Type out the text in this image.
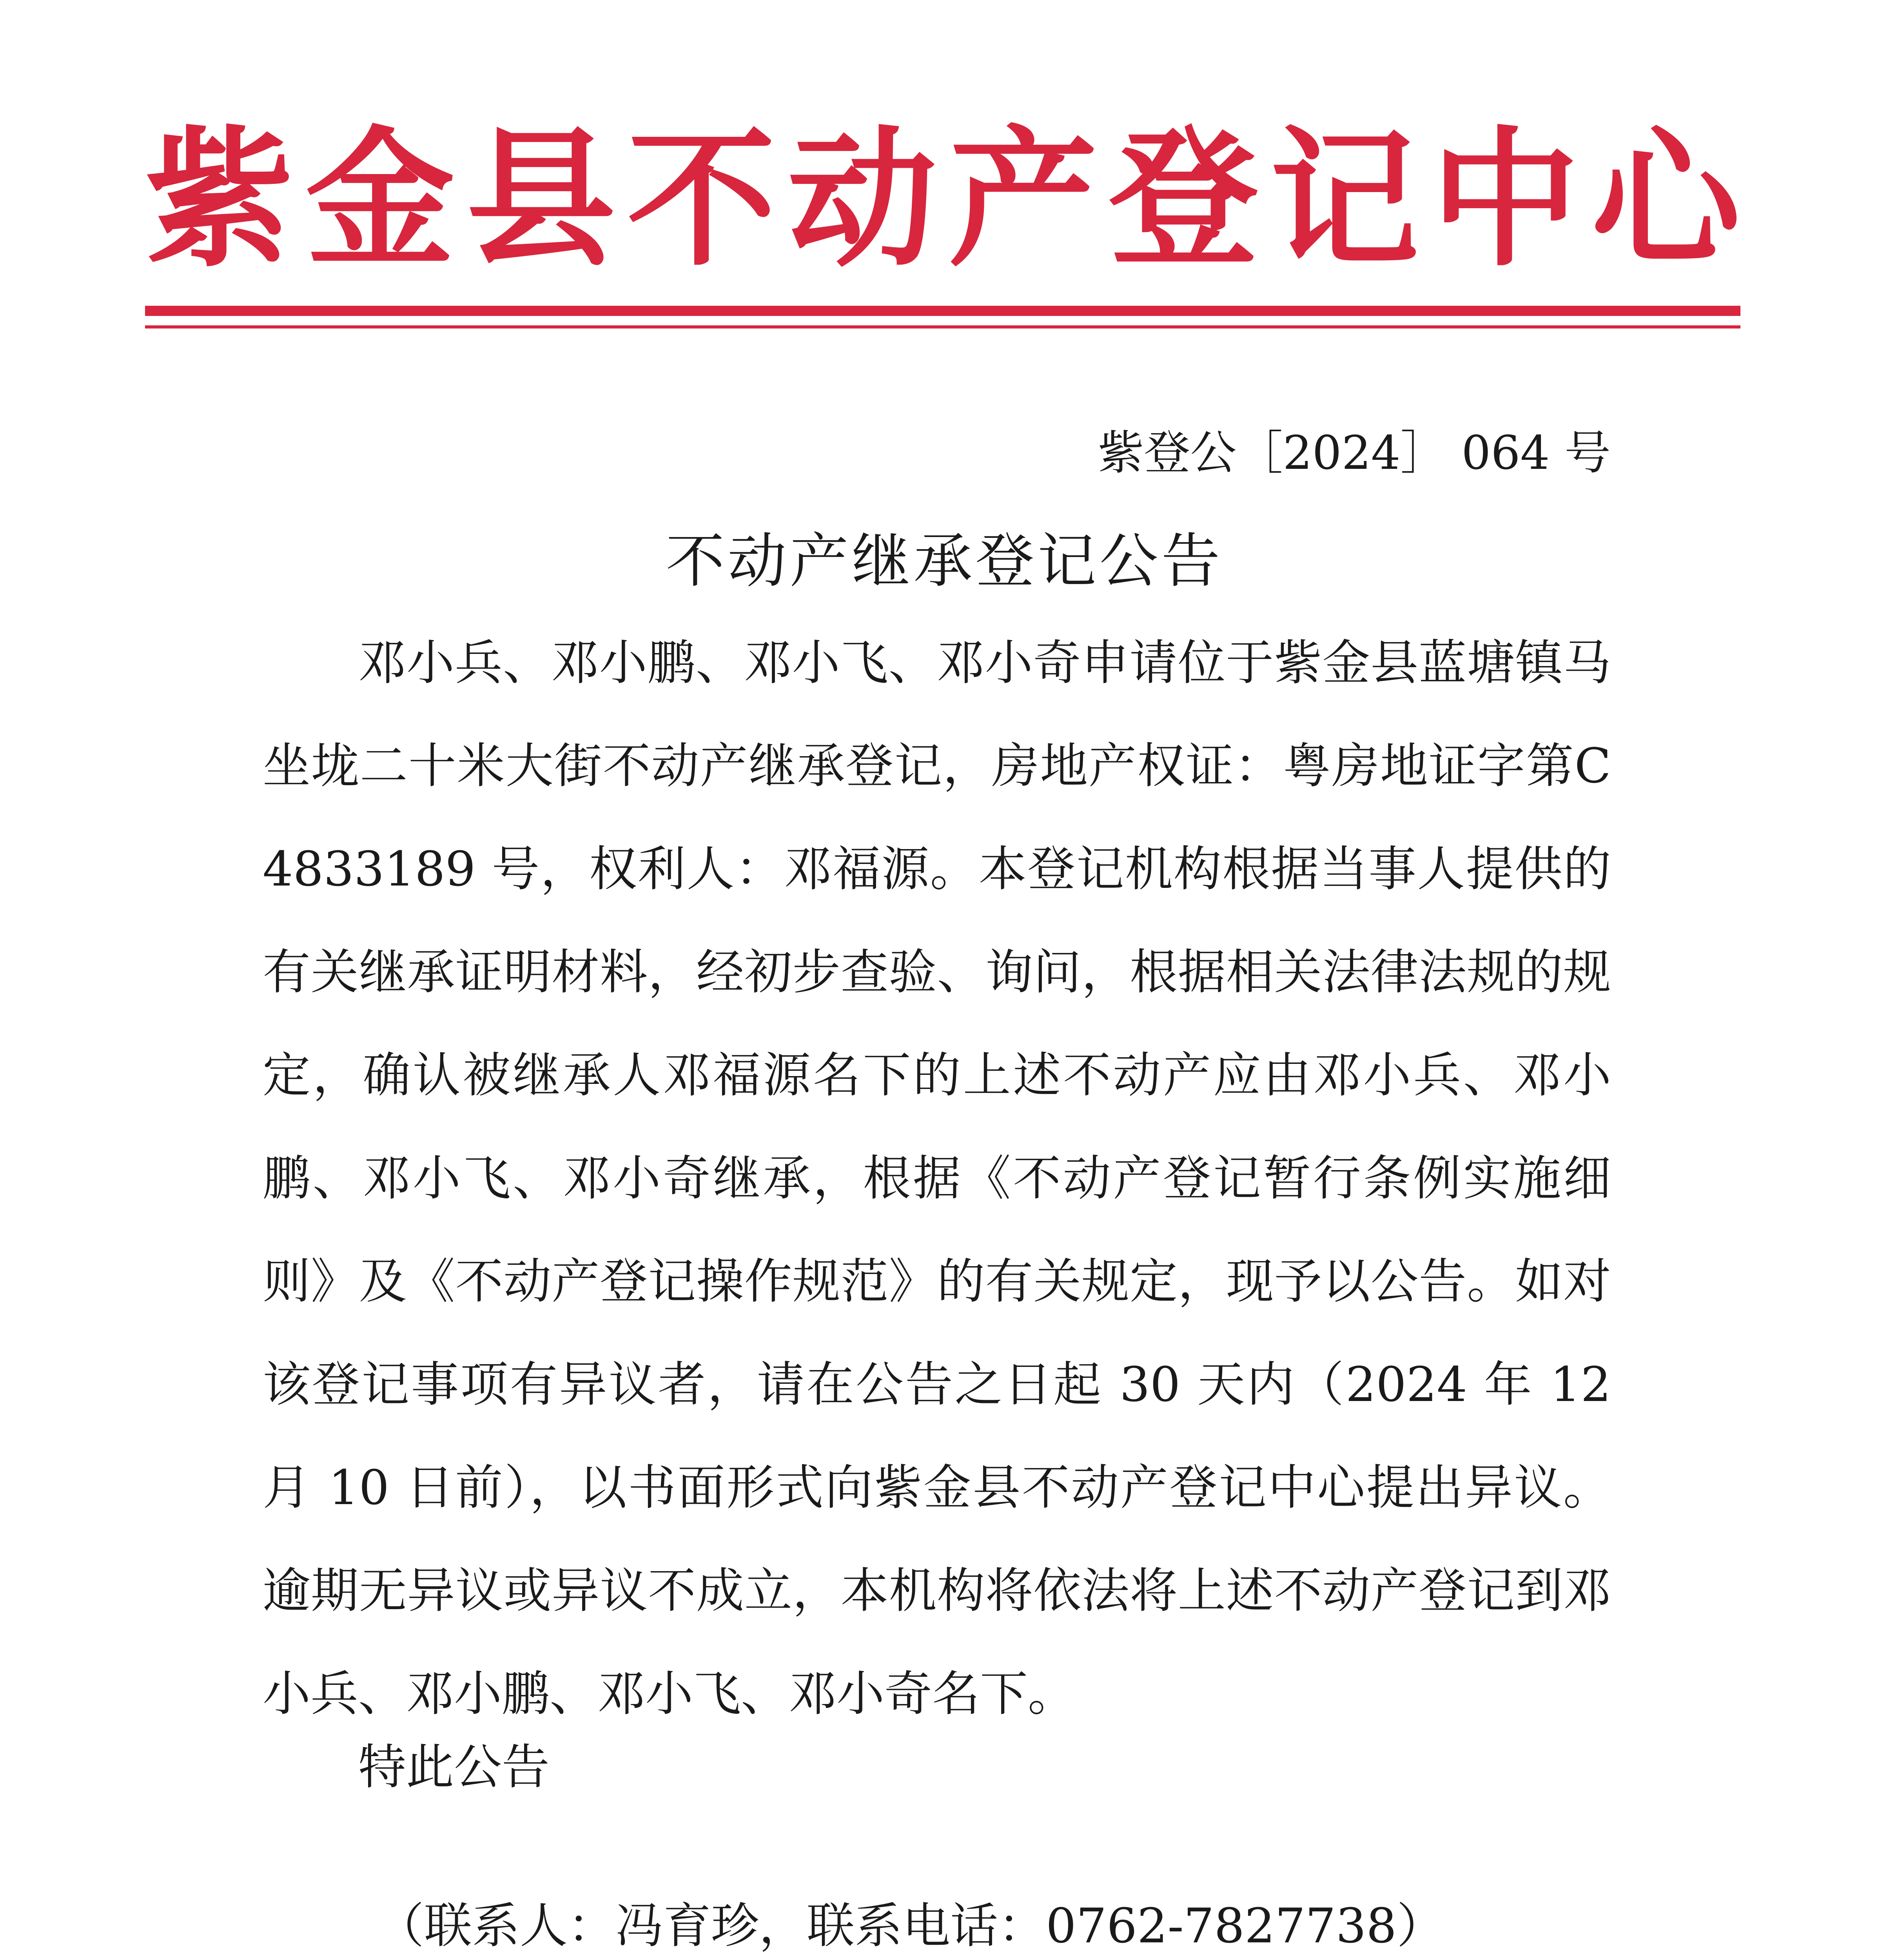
紫金县不动产登记中心
紫登公［2024］ 064 号
不动产继承登记公告

邓小兵、邓小鹏、邓小飞、邓小奇申请位于紫金县蓝塘镇马坐垅二十米大街不动产继承登记，房地产权证：粤房地证字第C4833189 号，权利人：邓福源。本登记机构根据当事人提供的有关继承证明材料，经初步查验、询问，根据相关法律法规的规定，确认被继承人邓福源名下的上述不动产应由邓小兵、邓小鹏、邓小飞、邓小奇继承，根据《不动产登记暂行条例实施细则》及《不动产登记操作规范》的有关规定，现予以公告。如对该登记事项有异议者，请在公告之日起 30 天内（2024 年 12 月 10 日前），以书面形式向紫金县不动产登记中心提出异议。逾期无异议或异议不成立，本机构将依法将上述不动产登记到邓小兵、邓小鹏、邓小飞、邓小奇名下。

特此公告
（联系人：冯育珍，联系电话：0762-7827738）
